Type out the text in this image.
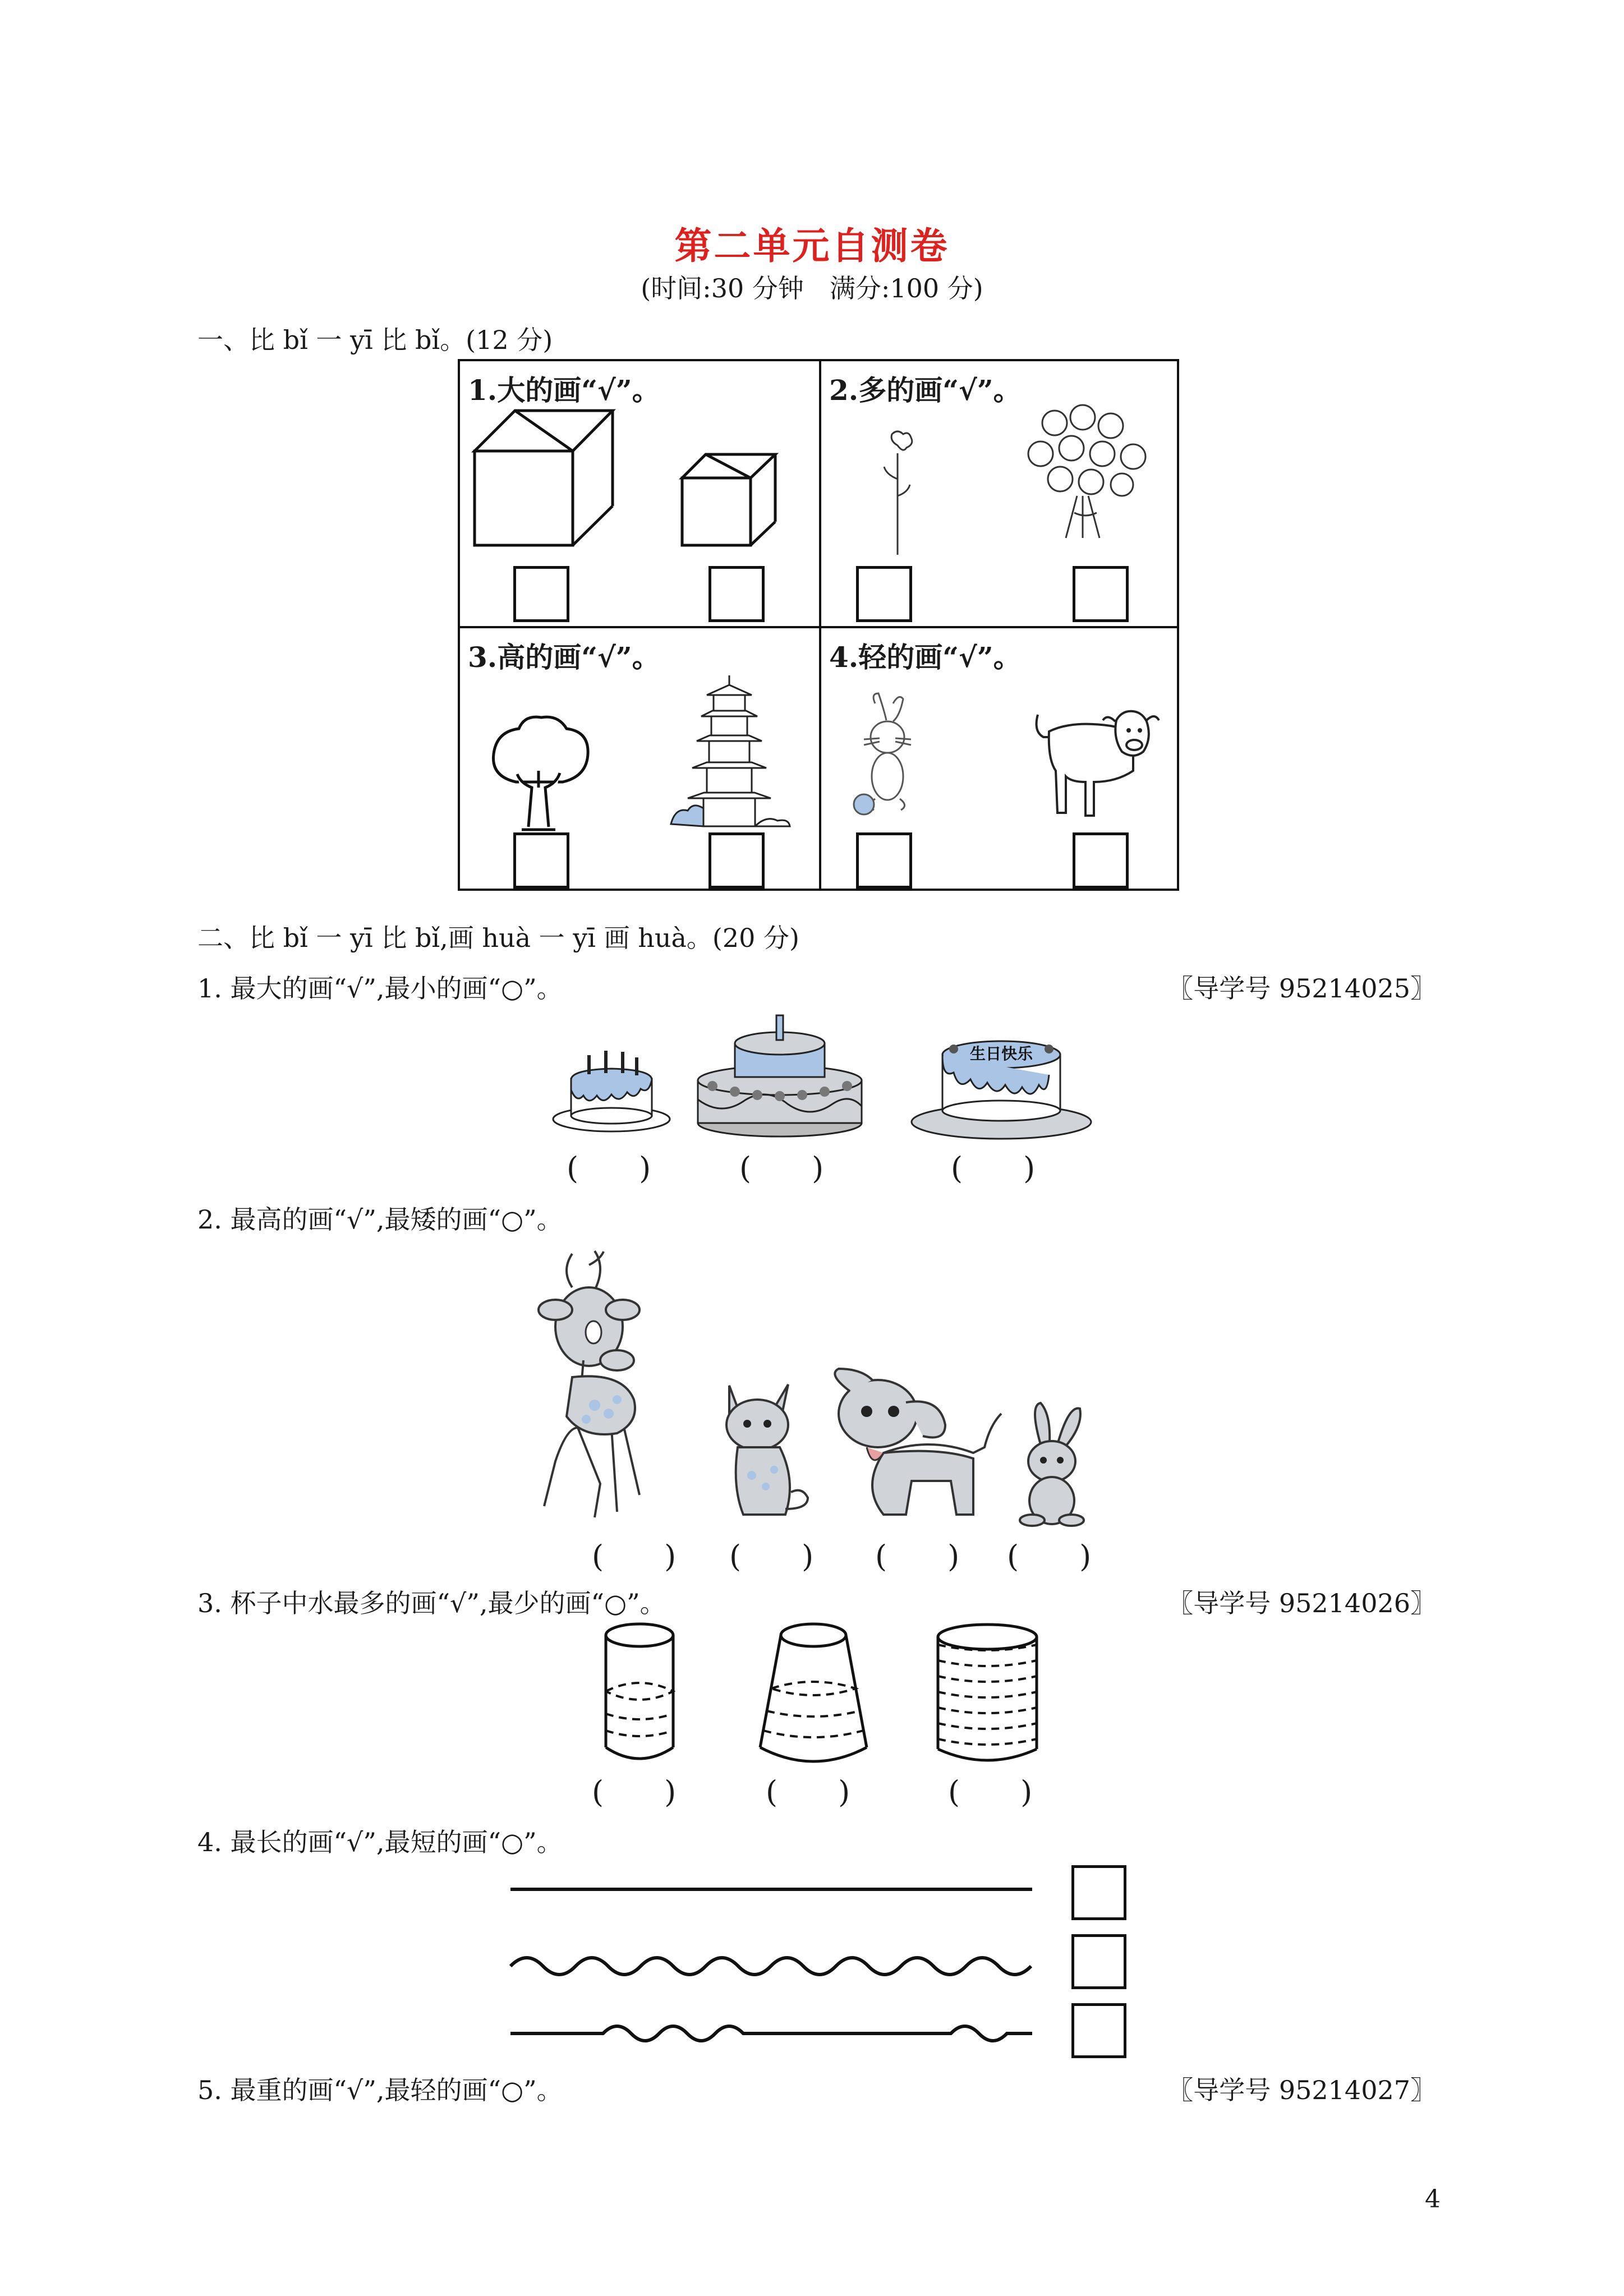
第二单元自测卷
(时间:30 分钟　满分:100 分)
一、比 bǐ 一 yī 比 bǐ。(12 分)
1.大的画“√”。	2.多的画“√”。
3.高的画“√”。	4.轻的画“√”。
二、比 bǐ 一 yī 比 bǐ,画 huà 一 yī 画 huà。(20 分)
1. 最大的画“√”,最小的画“○”。	〖导学号 95214025〗
生日快乐
(　　)	(　　)	(　　)
2. 最高的画“√”,最矮的画“○”。
(　　) (　　) (　　) (　　)
3. 杯子中水最多的画“√”,最少的画“○”。	〖导学号 95214026〗
(　　)	(　　)	(　　)
4. 最长的画“√”,最短的画“○”。
5. 最重的画“√”,最轻的画“○”。	〖导学号 95214027〗
4
